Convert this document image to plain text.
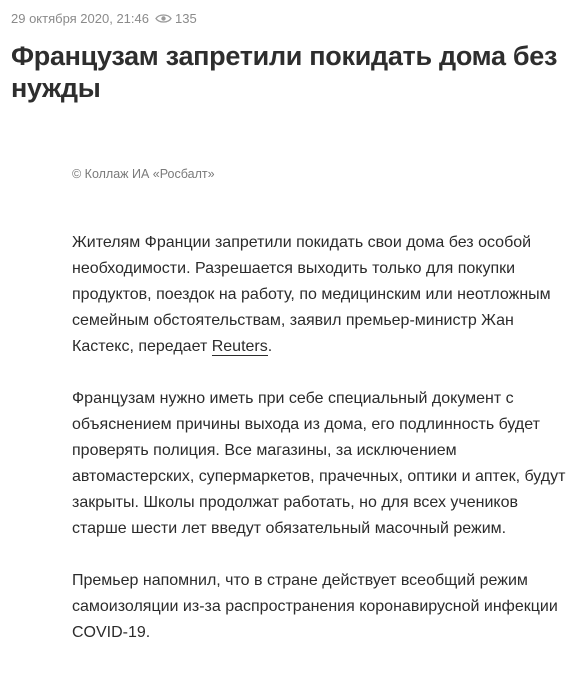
29 октября 2020, 21:46 135
Французам запретили покидать дома без нужды
© Коллаж ИА «Росбалт»

Жителям Франции запретили покидать свои дома без особой необходимости. Разрешается выходить только для покупки продуктов, поездок на работу, по медицинским или неотложным семейным обстоятельствам, заявил премьер-министр Жан Кастекс, передает Reuters.

Французам нужно иметь при себе специальный документ с объяснением причины выхода из дома, его подлинность будет проверять полиция. Все магазины, за исключением автомастерских, супермаркетов, прачечных, оптики и аптек, будут закрыты. Школы продолжат работать, но для всех учеников старше шести лет введут обязательный масочный режим.

Премьер напомнил, что в стране действует всеобщий режим самоизоляции из-за распространения коронавирусной инфекции COVID-19.
